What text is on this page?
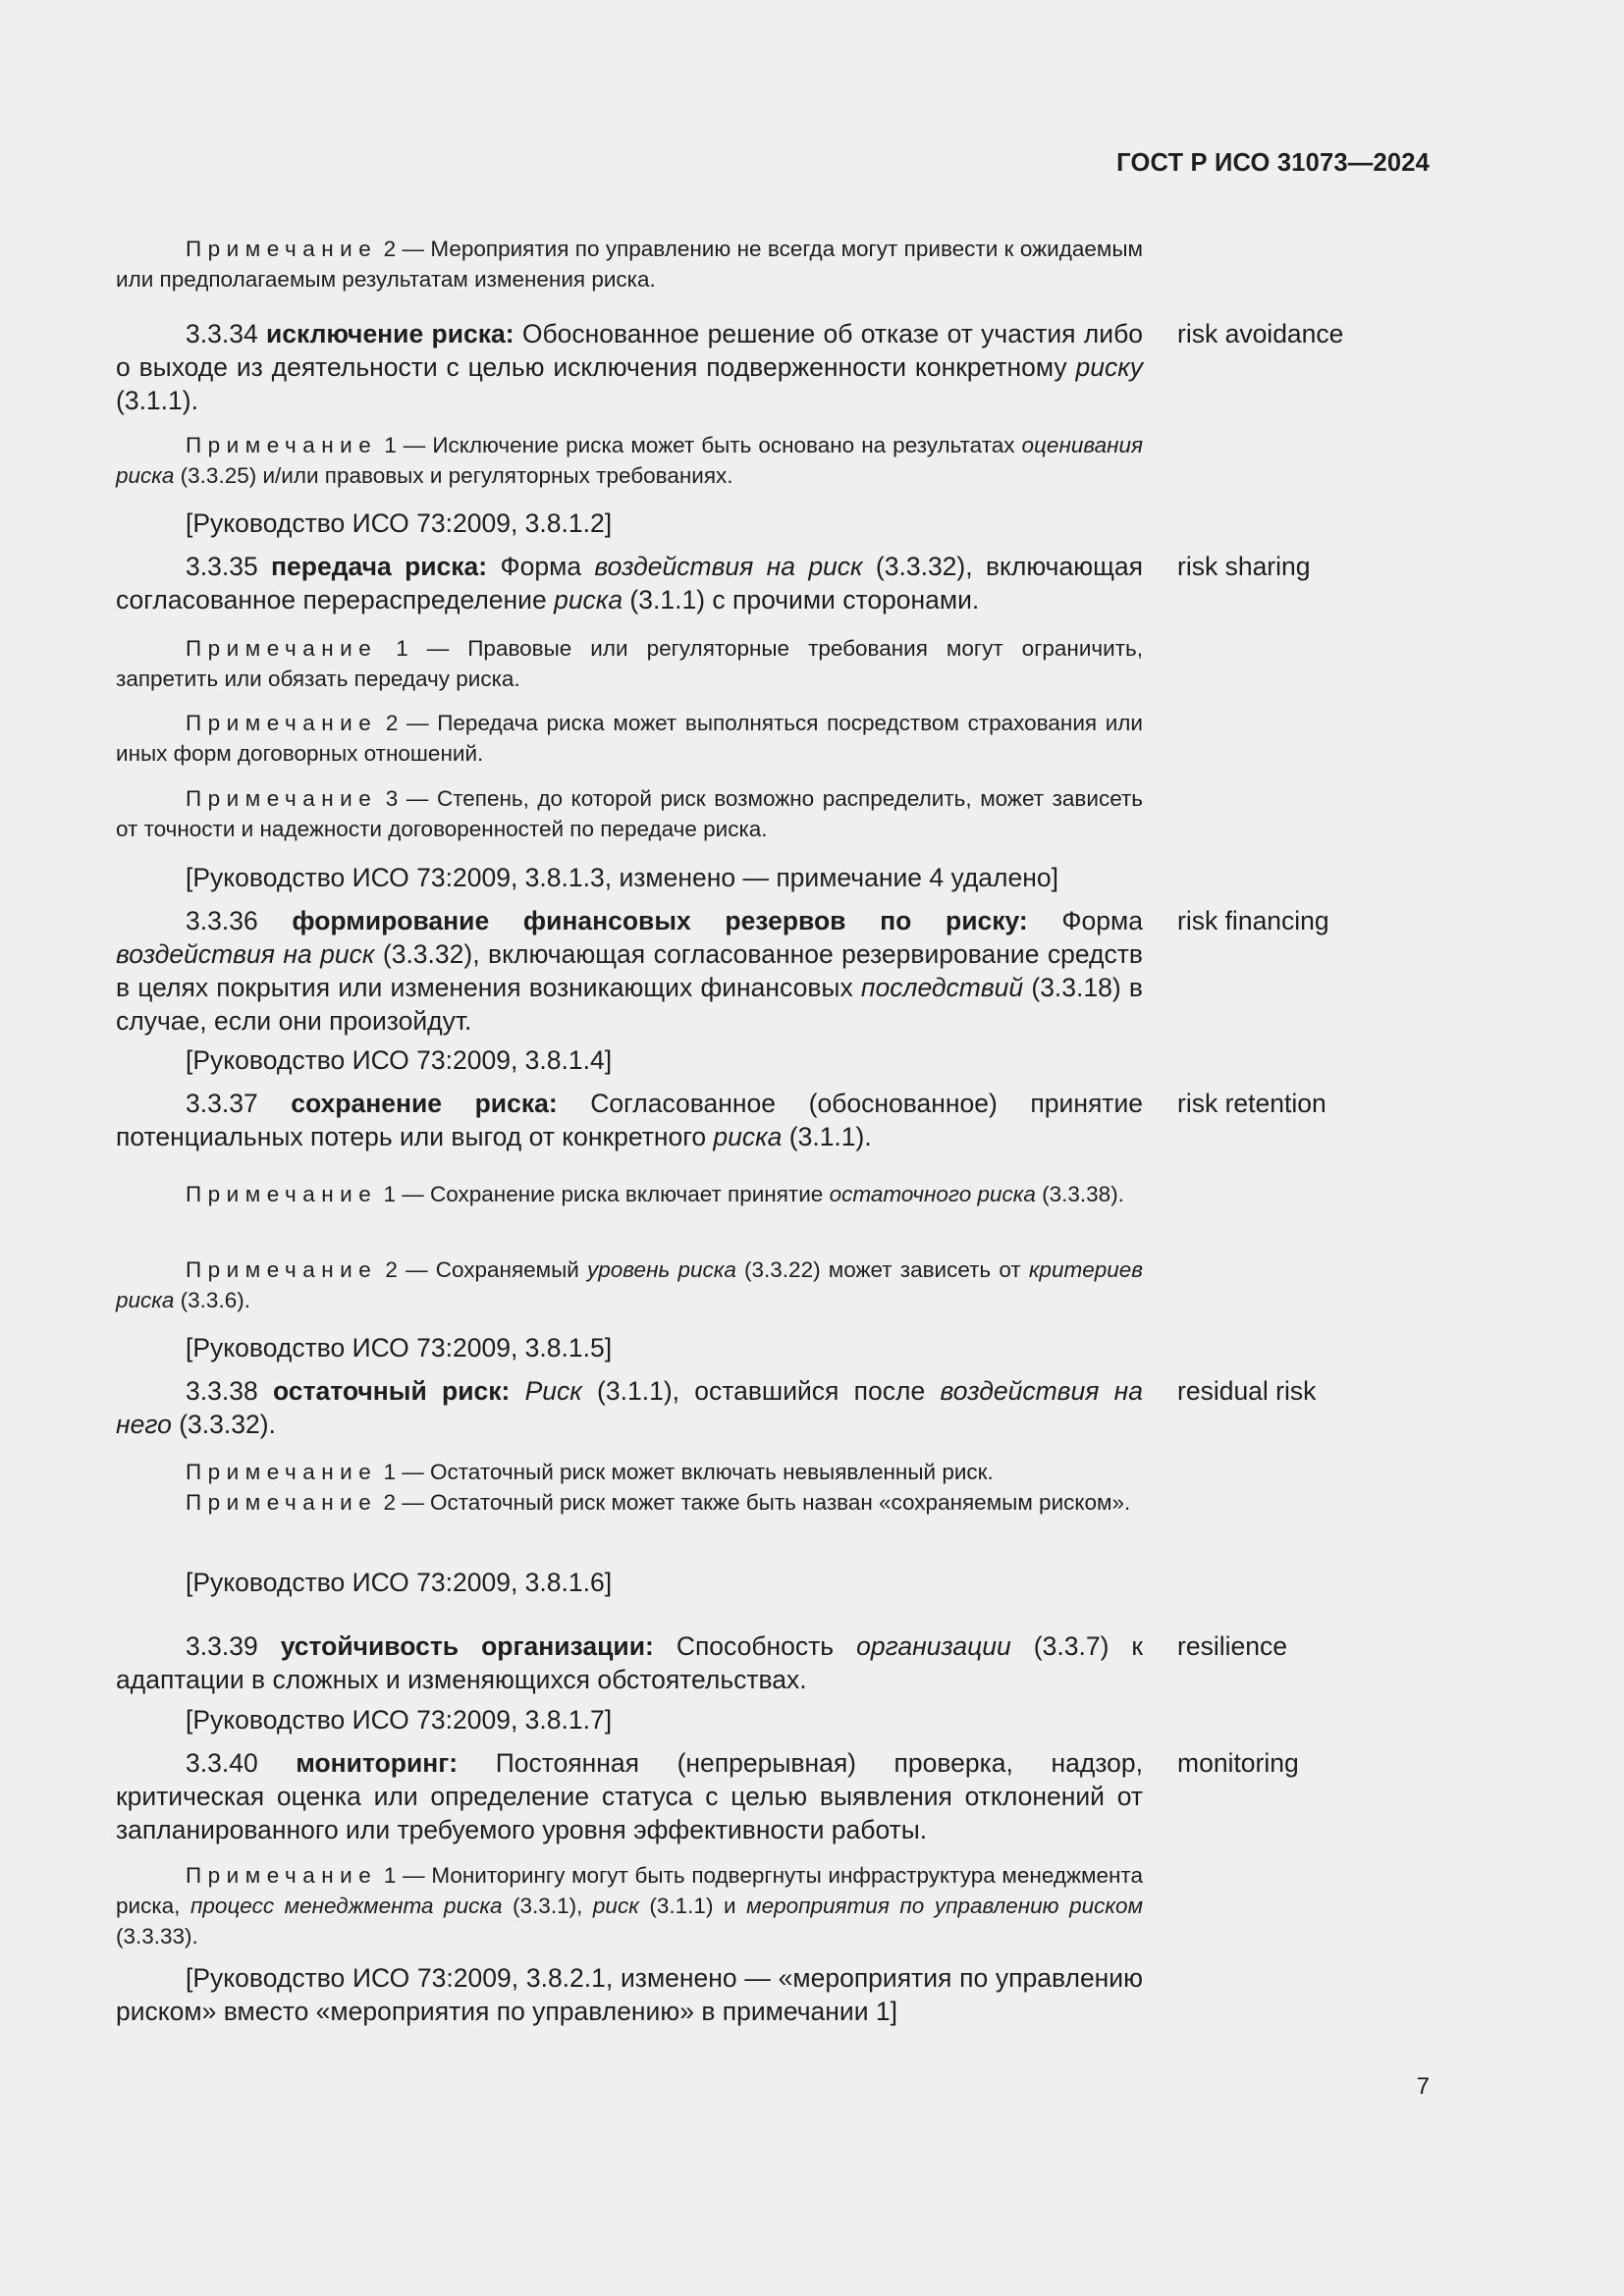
ГОСТ Р ИСО 31073—2024
Примечание 2 — Мероприятия по управлению не всегда могут привести к ожидаемым или предполагаемым результатам изменения риска.
3.3.34 исключение риска: Обоснованное решение об отказе от участия либо о выходе из деятельности с целью исключения подверженности конкретному риску (3.1.1).
risk avoidance
Примечание 1 — Исключение риска может быть основано на результатах оценивания риска (3.3.25) и/или правовых и регуляторных требованиях.
[Руководство ИСО 73:2009, 3.8.1.2]
3.3.35 передача риска: Форма воздействия на риск (3.3.32), включающая согласованное перераспределение риска (3.1.1) с прочими сторонами.
risk sharing
Примечание 1 — Правовые или регуляторные требования могут ограничить, запретить или обязать передачу риска.
Примечание 2 — Передача риска может выполняться посредством страхования или иных форм договорных отношений.
Примечание 3 — Степень, до которой риск возможно распределить, может зависеть от точности и надежности договоренностей по передаче риска.
[Руководство ИСО 73:2009, 3.8.1.3, изменено — примечание 4 удалено]
3.3.36 формирование финансовых резервов по риску: Форма воздействия на риск (3.3.32), включающая согласованное резервирование средств в целях покрытия или изменения возникающих финансовых последствий (3.3.18) в случае, если они произойдут.
risk financing
[Руководство ИСО 73:2009, 3.8.1.4]
3.3.37 сохранение риска: Согласованное (обоснованное) принятие потенциальных потерь или выгод от конкретного риска (3.1.1).
risk retention
Примечание 1 — Сохранение риска включает принятие остаточного риска (3.3.38).
Примечание 2 — Сохраняемый уровень риска (3.3.22) может зависеть от критериев риска (3.3.6).
[Руководство ИСО 73:2009, 3.8.1.5]
3.3.38 остаточный риск: Риск (3.1.1), оставшийся после воздействия на него (3.3.32).
residual risk
Примечание 1 — Остаточный риск может включать невыявленный риск.
Примечание 2 — Остаточный риск может также быть назван «сохраняемым риском».
[Руководство ИСО 73:2009, 3.8.1.6]
3.3.39 устойчивость организации: Способность организации (3.3.7) к адаптации в сложных и изменяющихся обстоятельствах.
resilience
[Руководство ИСО 73:2009, 3.8.1.7]
3.3.40 мониторинг: Постоянная (непрерывная) проверка, надзор, критическая оценка или определение статуса с целью выявления отклонений от запланированного или требуемого уровня эффективности работы.
monitoring
Примечание 1 — Мониторингу могут быть подвергнуты инфраструктура менеджмента риска, процесс менеджмента риска (3.3.1), риск (3.1.1) и мероприятия по управлению риском (3.3.33).
[Руководство ИСО 73:2009, 3.8.2.1, изменено — «мероприятия по управлению риском» вместо «мероприятия по управлению» в примечании 1]
7
